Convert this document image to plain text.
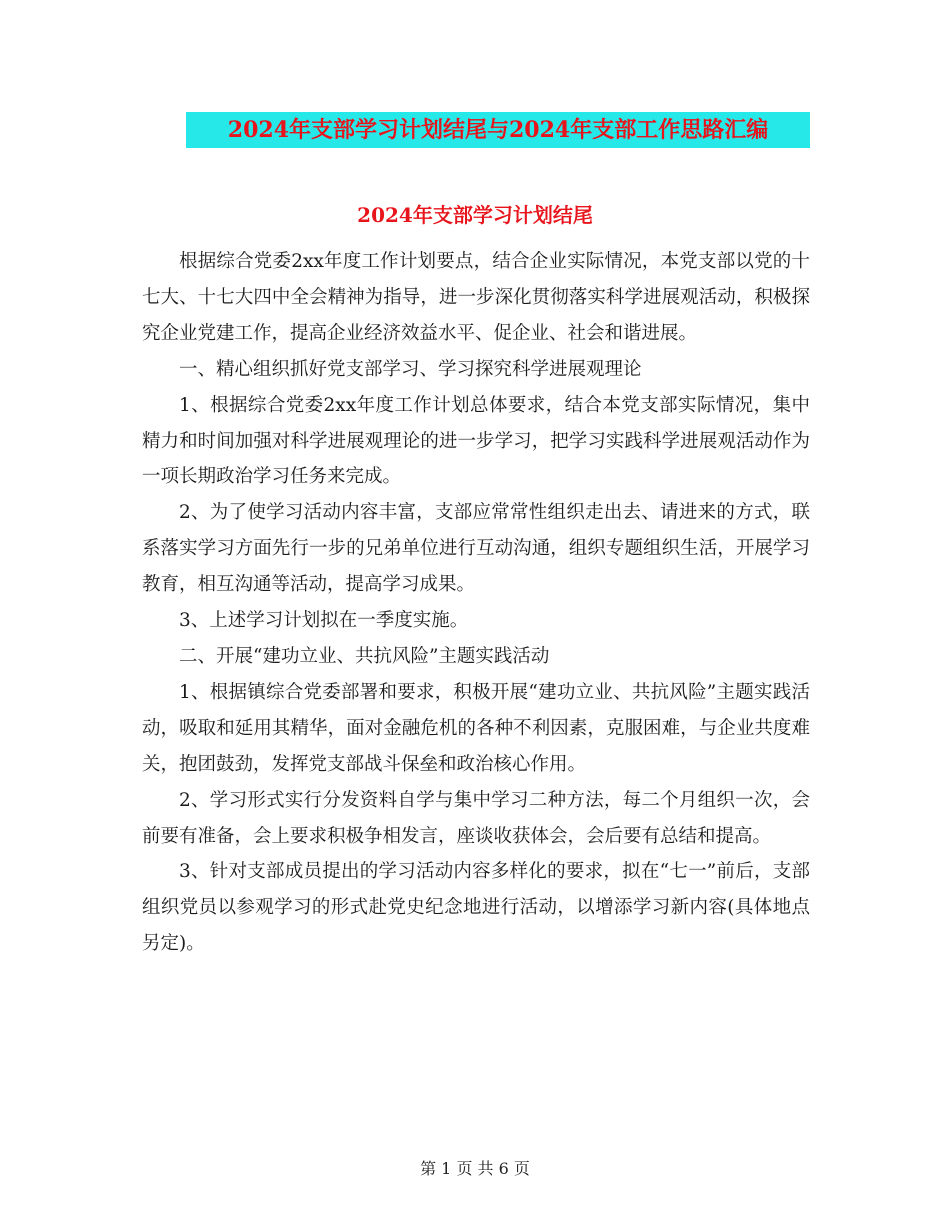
2024年支部学习计划结尾与2024年支部工作思路汇编
2024年支部学习计划结尾

根据综合党委2xx年度工作计划要点，结合企业实际情况，本党支部以党的十七大、十七大四中全会精神为指导，进一步深化贯彻落实科学进展观活动，积极探究企业党建工作，提高企业经济效益水平、促企业、社会和谐进展。

一、精心组织抓好党支部学习、学习探究科学进展观理论

1、根据综合党委2xx年度工作计划总体要求，结合本党支部实际情况，集中精力和时间加强对科学进展观理论的进一步学习，把学习实践科学进展观活动作为一项长期政治学习任务来完成。

2、为了使学习活动内容丰富，支部应常常性组织走出去、请进来的方式，联系落实学习方面先行一步的兄弟单位进行互动沟通，组织专题组织生活，开展学习教育，相互沟通等活动，提高学习成果。

3、上述学习计划拟在一季度实施。

二、开展“建功立业、共抗风险”主题实践活动

1、根据镇综合党委部署和要求，积极开展“建功立业、共抗风险”主题实践活动，吸取和延用其精华，面对金融危机的各种不利因素，克服困难，与企业共度难关，抱团鼓劲，发挥党支部战斗保垒和政治核心作用。

2、学习形式实行分发资料自学与集中学习二种方法，每二个月组织一次，会前要有准备，会上要求积极争相发言，座谈收获体会，会后要有总结和提高。

3、针对支部成员提出的学习活动内容多样化的要求，拟在“七一”前后，支部组织党员以参观学习的形式赴党史纪念地进行活动，以增添学习新内容(具体地点另定)。

第 1 页 共 6 页
